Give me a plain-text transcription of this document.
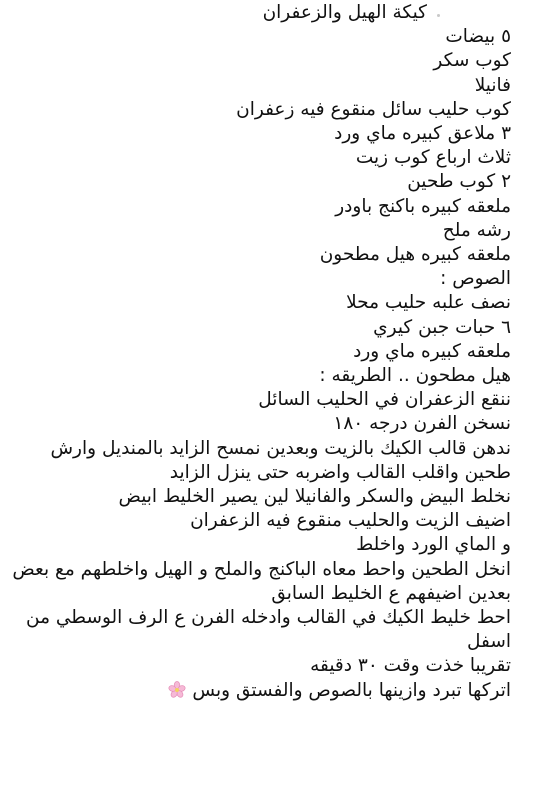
كيكة الهيل والزعفران
٥ بيضات
كوب سكر
فانيلا
كوب حليب سائل منقوع فيه زعفران
٣ ملاعق كبيره ماي ورد
ثلاث ارباع كوب زيت
٢ كوب طحين
ملعقه كبيره باكنج باودر
رشه ملح
ملعقه كبيره هيل مطحون
الصوص :
نصف علبه حليب محلا
٦ حبات جبن كيري
ملعقه كبيره ماي ورد
هيل مطحون .. الطريقه :
ننقع الزعفران في الحليب السائل
نسخن الفرن درجه ١٨٠
ندهن قالب الكيك بالزيت وبعدين نمسح الزايد بالمنديل وارش
طحين واقلب القالب واضربه حتى ينزل الزايد
نخلط البيض والسكر والفانيلا لين يصير الخليط ابيض
اضيف الزيت والحليب منقوع فيه الزعفران
و الماي الورد واخلط
انخل الطحين واحط معاه الباكنج والملح و الهيل واخلطهم مع بعض
بعدين اضيفهم ع الخليط السابق
احط خليط الكيك في القالب وادخله الفرن ع الرف الوسطي من
اسفل
تقريبا خذت وقت ٣٠ دقيقه
اتركها تبرد وازينها بالصوص والفستق وبس
